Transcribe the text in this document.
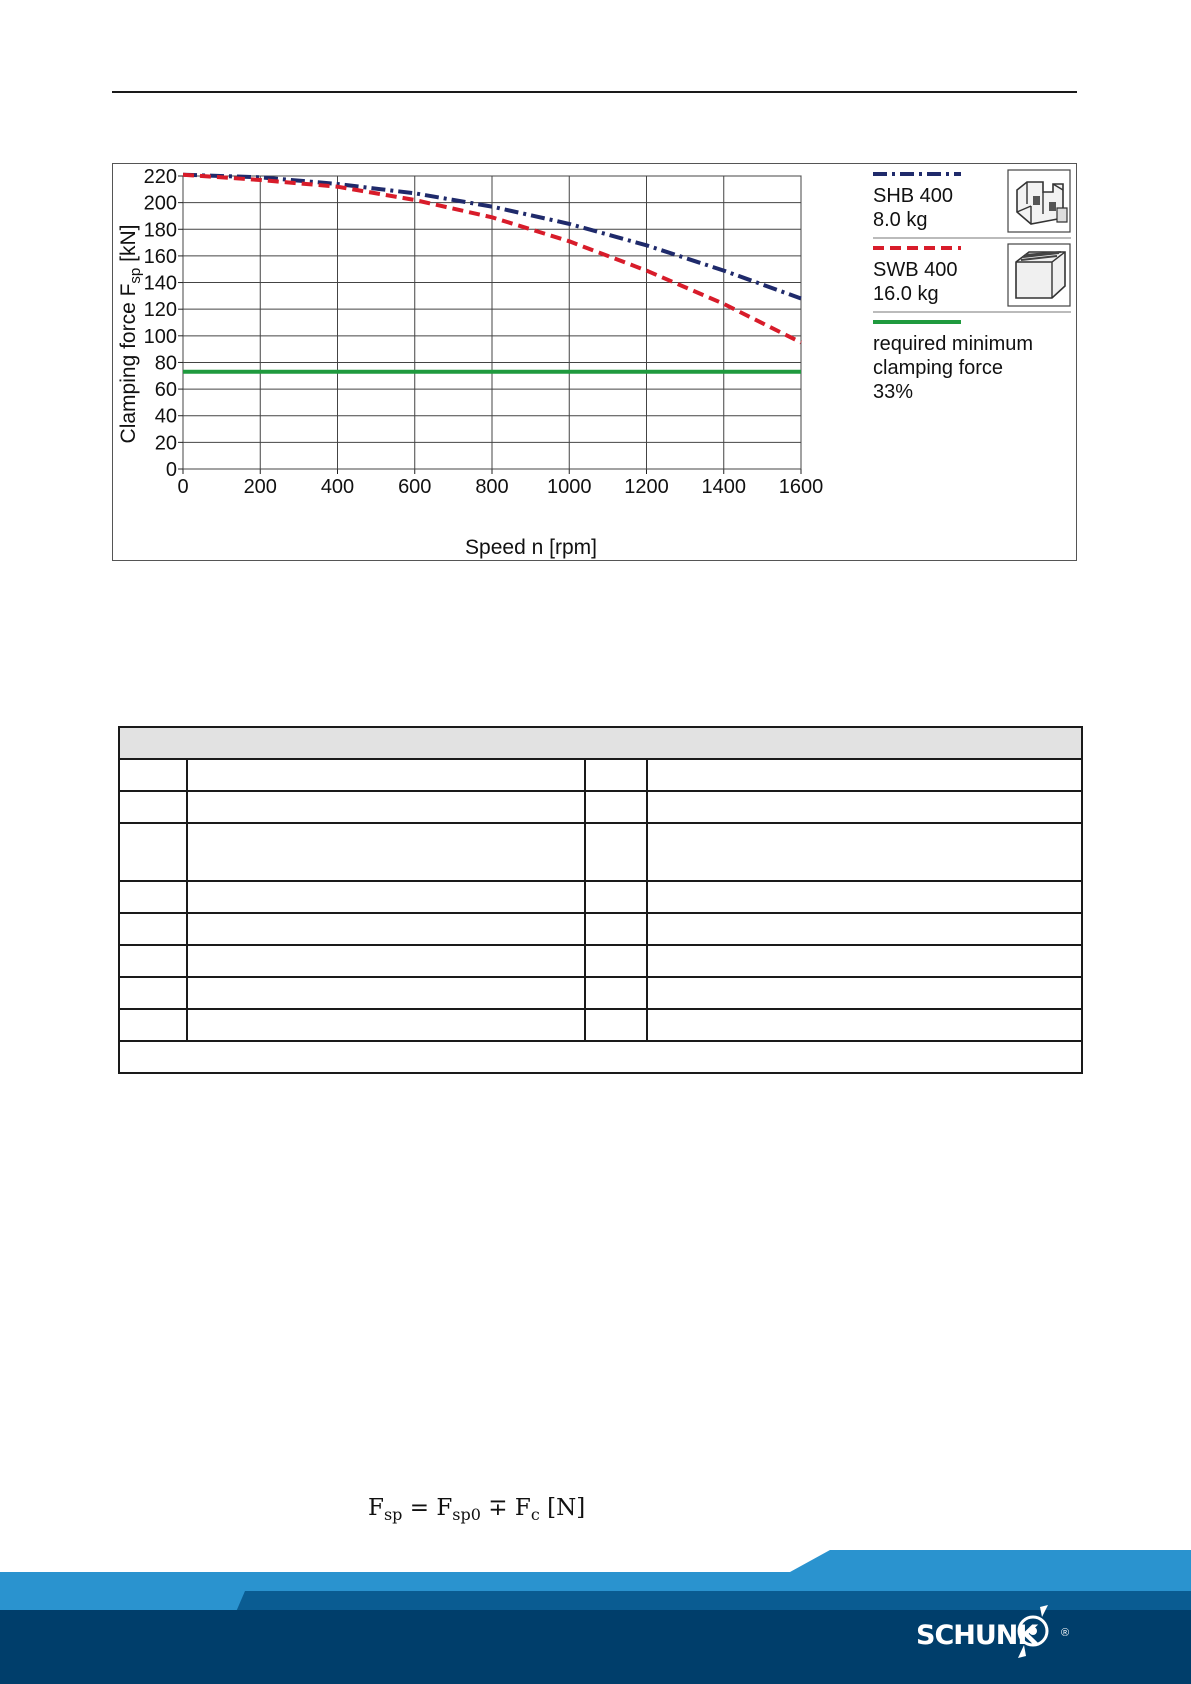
0	200 400 600 800 1000 1200 1400 1600
0
20
40
60
80
100
120
140
160
180
200
220
Speed n [rpm]
Clamping force $F_{sp}$ [kN]
SHB 400
8.0 kg
SWB 400
16.0 kg
required minimum
clamping force
33%

$F_{sp} = F_{sp0} \mp F_c$ [N]
SCHUNK ®
